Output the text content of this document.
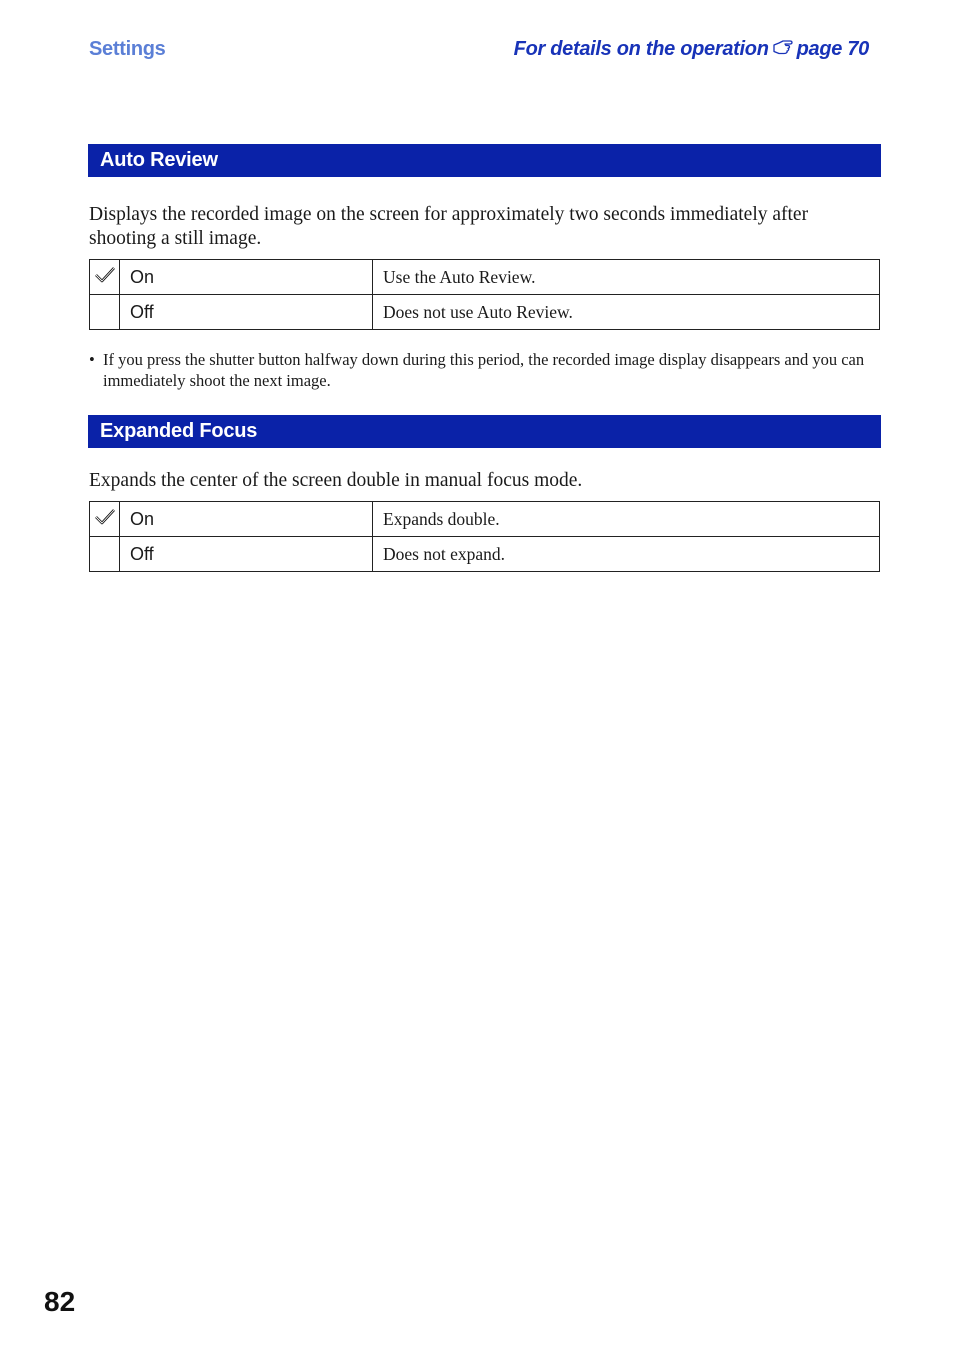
Settings	For details on the operation page 70
Auto Review
Displays the recorded image on the screen for approximately two seconds immediately after shooting a still image.
	On	Use the Auto Review.
	Off	Does not use Auto Review.
• If you press the shutter button halfway down during this period, the recorded image display disappears and you can immediately shoot the next image.
Expanded Focus
Expands the center of the screen double in manual focus mode.
	On	Expands double.
	Off	Does not expand.
82
